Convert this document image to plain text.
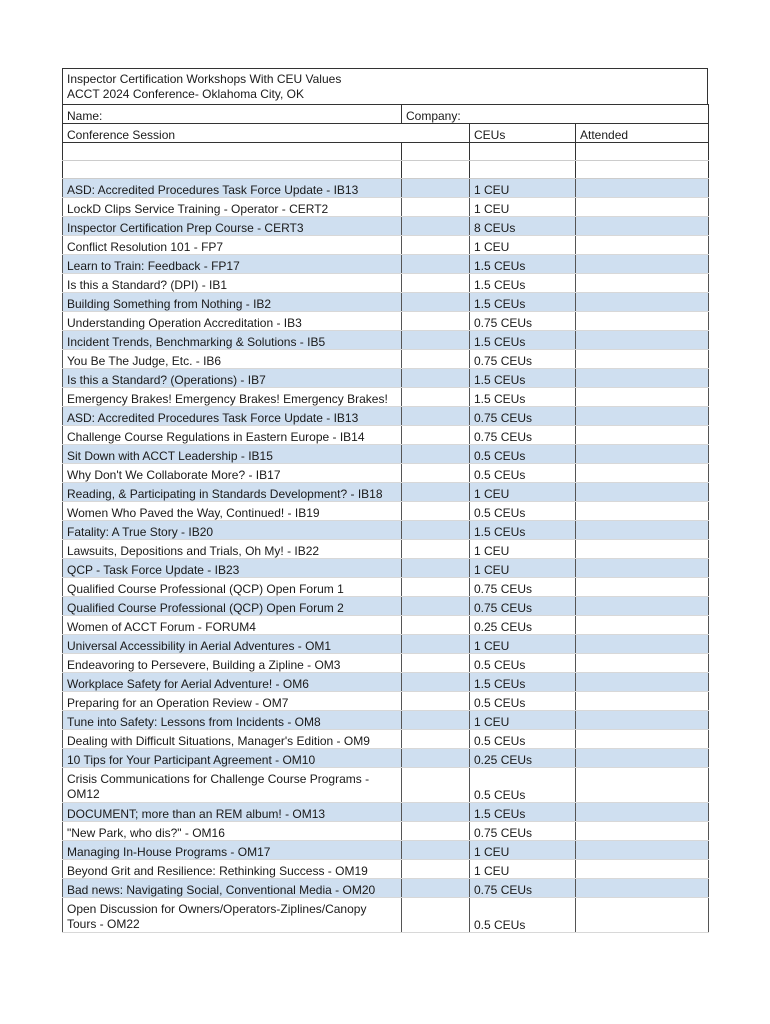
Inspector Certification Workshops With CEU Values
ACCT 2024 Conference- Oklahoma City, OK
Name:	Company:		
Conference Session		CEUs	Attended

ASD: Accredited Procedures Task Force Update - IB13		1 CEU	
LockD Clips Service Training - Operator - CERT2		1 CEU	
Inspector Certification Prep Course - CERT3		8 CEUs	
Conflict Resolution 101 - FP7		1 CEU	
Learn to Train: Feedback - FP17		1.5 CEUs	
Is this a Standard? (DPI) - IB1		1.5 CEUs	
Building Something from Nothing - IB2		1.5 CEUs	
Understanding Operation Accreditation - IB3		0.75 CEUs	
Incident Trends, Benchmarking & Solutions - IB5		1.5 CEUs	
You Be The Judge, Etc. - IB6		0.75 CEUs	
Is this a Standard? (Operations) - IB7		1.5 CEUs	
Emergency Brakes! Emergency Brakes! Emergency Brakes!		1.5 CEUs	
ASD: Accredited Procedures Task Force Update - IB13		0.75 CEUs	
Challenge Course Regulations in Eastern Europe - IB14		0.75 CEUs	
Sit Down with ACCT Leadership - IB15		0.5 CEUs	
Why Don't We Collaborate More? - IB17		0.5 CEUs	
Reading, & Participating in Standards Development? - IB18		1 CEU	
Women Who Paved the Way, Continued! - IB19		0.5 CEUs	
Fatality: A True Story - IB20		1.5 CEUs	
Lawsuits, Depositions and Trials, Oh My! - IB22		1 CEU	
QCP - Task Force Update - IB23		1 CEU	
Qualified Course Professional (QCP) Open Forum 1		0.75 CEUs	
Qualified Course Professional (QCP) Open Forum 2		0.75 CEUs	
Women of ACCT Forum - FORUM4		0.25 CEUs	
Universal Accessibility in Aerial Adventures - OM1		1 CEU	
Endeavoring to Persevere, Building a Zipline - OM3		0.5 CEUs	
Workplace Safety for Aerial Adventure! - OM6		1.5 CEUs	
Preparing for an Operation Review - OM7		0.5 CEUs	
Tune into Safety: Lessons from Incidents - OM8		1 CEU	
Dealing with Difficult Situations, Manager's Edition - OM9		0.5 CEUs	
10 Tips for Your Participant Agreement - OM10		0.25 CEUs	
Crisis Communications for Challenge Course Programs - OM12		0.5 CEUs	
DOCUMENT; more than an REM album! - OM13		1.5 CEUs	
"New Park, who dis?" - OM16		0.75 CEUs	
Managing In-House Programs - OM17		1 CEU	
Beyond Grit and Resilience: Rethinking Success - OM19		1 CEU	
Bad news: Navigating Social, Conventional Media - OM20		0.75 CEUs	
Open Discussion for Owners/Operators-Ziplines/Canopy Tours - OM22		0.5 CEUs	
